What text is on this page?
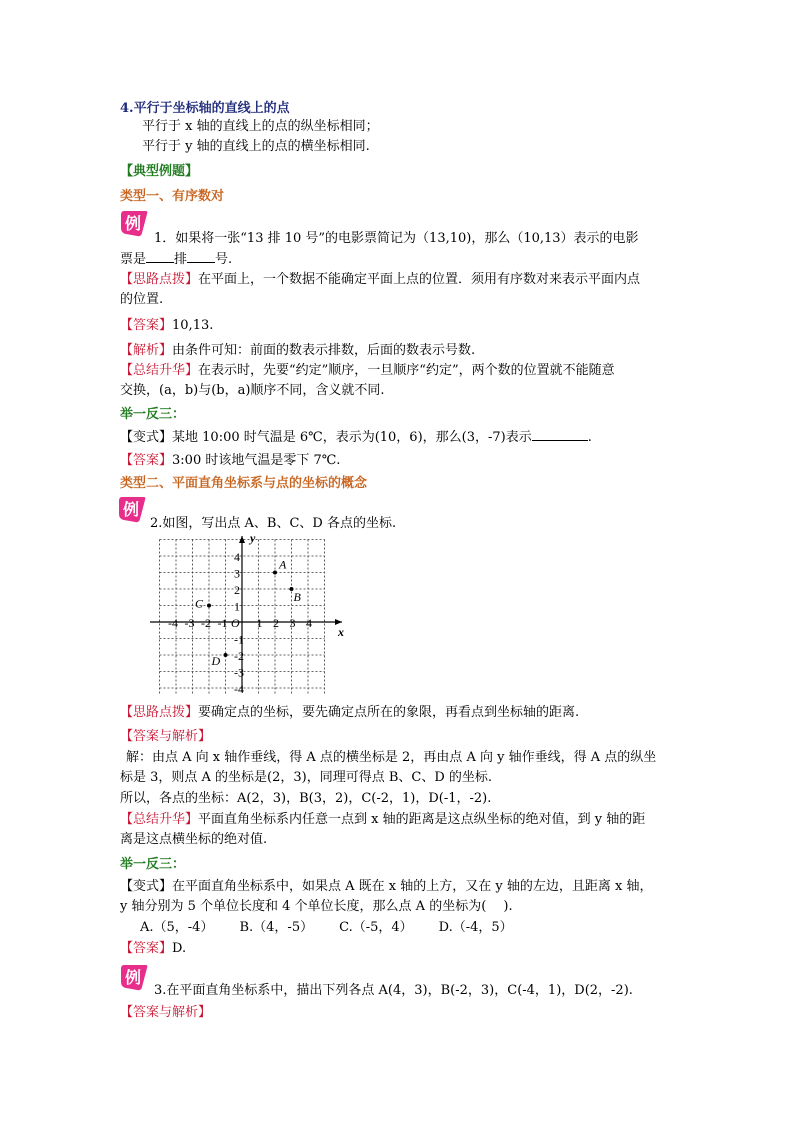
4.平行于坐标轴的直线上的点
平行于 x 轴的直线上的点的纵坐标相同；
平行于 y 轴的直线上的点的横坐标相同.
【典型例题】
类型一、有序数对
例
1．如果将一张“13 排 10 号”的电影票简记为（13,10)，那么（10,13）表示的电影
票是 排 号.
【思路点拨】在平面上，一个数据不能确定平面上点的位置．须用有序数对来表示平面内点
的位置.
【答案】10,13.
【解析】由条件可知：前面的数表示排数，后面的数表示号数.
【总结升华】在表示时，先要“约定”顺序，一旦顺序“约定”，两个数的位置就不能随意
交换，(a，b)与(b，a)顺序不同，含义就不同.
举一反三：
【变式】某地 10:00 时气温是 6℃，表示为(10，6)，那么(3，-7)表示	.
【答案】3:00 时该地气温是零下 7℃.
类型二、平面直角坐标系与点的坐标的概念
例
2.如图，写出点 A、B、C、D 各点的坐标.
x
y
O
-4 -3 -2 -1 1 2 3 4
4
3
2
1
-1
-2
-3
-4
A
B
C
D
【思路点拨】要确定点的坐标，要先确定点所在的象限，再看点到坐标轴的距离.
【答案与解析】
解：由点 A 向 x 轴作垂线，得 A 点的横坐标是 2，再由点 A 向 y 轴作垂线，得 A 点的纵坐
标是 3，则点 A 的坐标是(2，3)，同理可得点 B、C、D 的坐标.
所以，各点的坐标：A(2，3)，B(3，2)，C(-2，1)，D(-1，-2).
【总结升华】平面直角坐标系内任意一点到 x 轴的距离是这点纵坐标的绝对值，到 y 轴的距
离是这点横坐标的绝对值.
举一反三：
【变式】在平面直角坐标系中，如果点 A 既在 x 轴的上方，又在 y 轴的左边，且距离 x 轴，
y 轴分别为 5 个单位长度和 4 个单位长度，那么点 A 的坐标为(　 ).
A.（5，-4） B.（4，-5） C.（-5，4） D.（-4，5）
【答案】D.
例
3.在平面直角坐标系中，描出下列各点 A(4，3)，B(-2，3)，C(-4，1)，D(2，-2).
【答案与解析】
